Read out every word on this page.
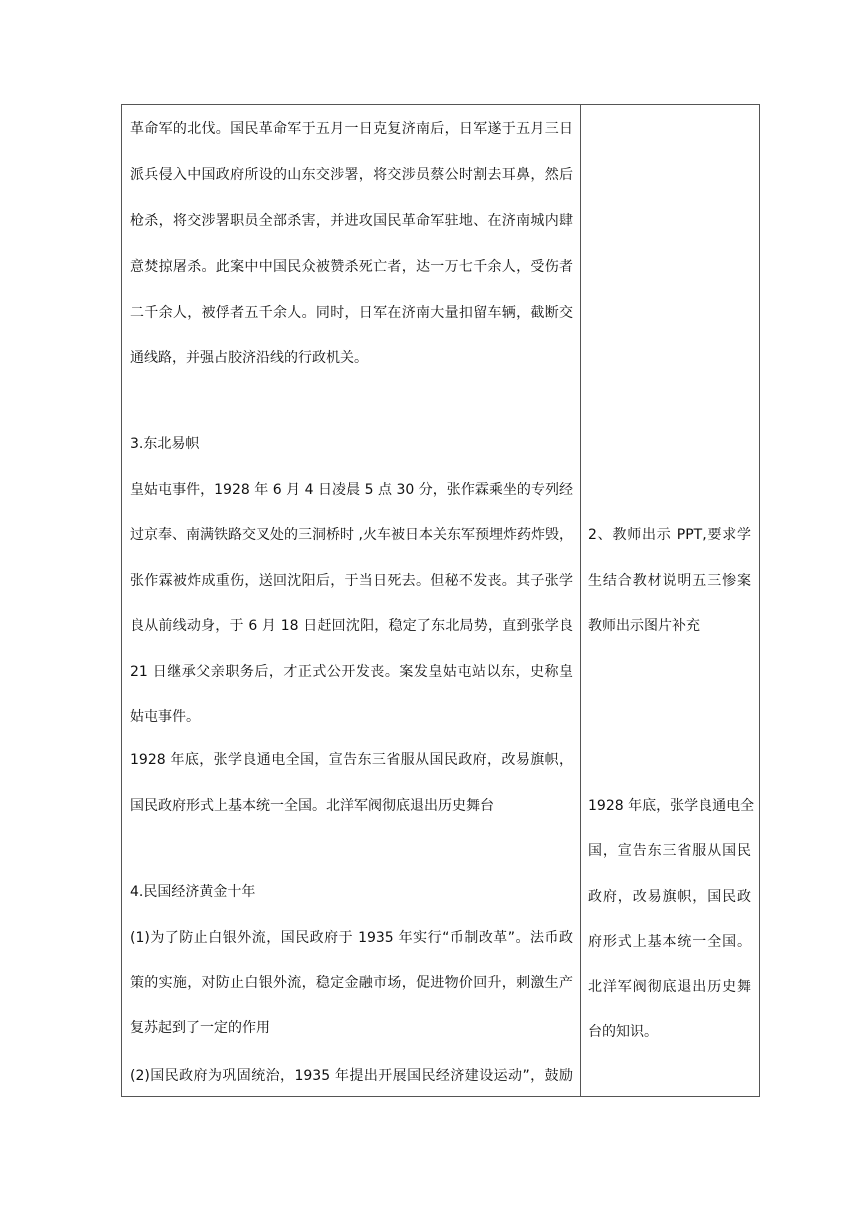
革命军的北伐。国民革命军于五月一日克复济南后，日军遂于五月三日
派兵侵入中国政府所设的山东交涉署，将交涉员蔡公时割去耳鼻，然后
枪杀，将交涉署职员全部杀害，并进攻国民革命军驻地、在济南城内肆
意焚掠屠杀。此案中中国民众被赞杀死亡者，达一万七千余人，受伤者
二千余人，被俘者五千余人。同时，日军在济南大量扣留车辆，截断交
通线路，并强占胶济沿线的行政机关。
3.东北易帜
皇姑屯事件，1928 年 6 月 4 日凌晨 5 点 30 分，张作霖乘坐的专列经
过京奉、南满铁路交叉处的三洞桥时 ,火车被日本关东军预埋炸药炸毁，
张作霖被炸成重伤，送回沈阳后，于当日死去。但秘不发丧。其子张学
良从前线动身，于 6 月 18 日赶回沈阳，稳定了东北局势，直到张学良
21 日继承父亲职务后，才正式公开发丧。案发皇姑屯站以东，史称皇
姑屯事件。
1928 年底，张学良通电全国，宣告东三省服从国民政府，改易旗帜，
国民政府形式上基本统一全国。北洋军阀彻底退出历史舞台
4.民国经济黄金十年
(1)为了防止白银外流，国民政府于 1935 年实行“币制改革”。法币政
策的实施，对防止白银外流，稳定金融市场，促进物价回升，刺激生产
复苏起到了一定的作用
(2)国民政府为巩固统治，1935 年提出开展国民经济建设运动”，鼓励
2、教师出示 PPT,要求学
生结合教材说明五三惨案
教师出示图片补充
1928 年底，张学良通电全
国，宣告东三省服从国民
政府，改易旗帜，国民政
府形式上基本统一全国。
北洋军阀彻底退出历史舞
台的知识。
